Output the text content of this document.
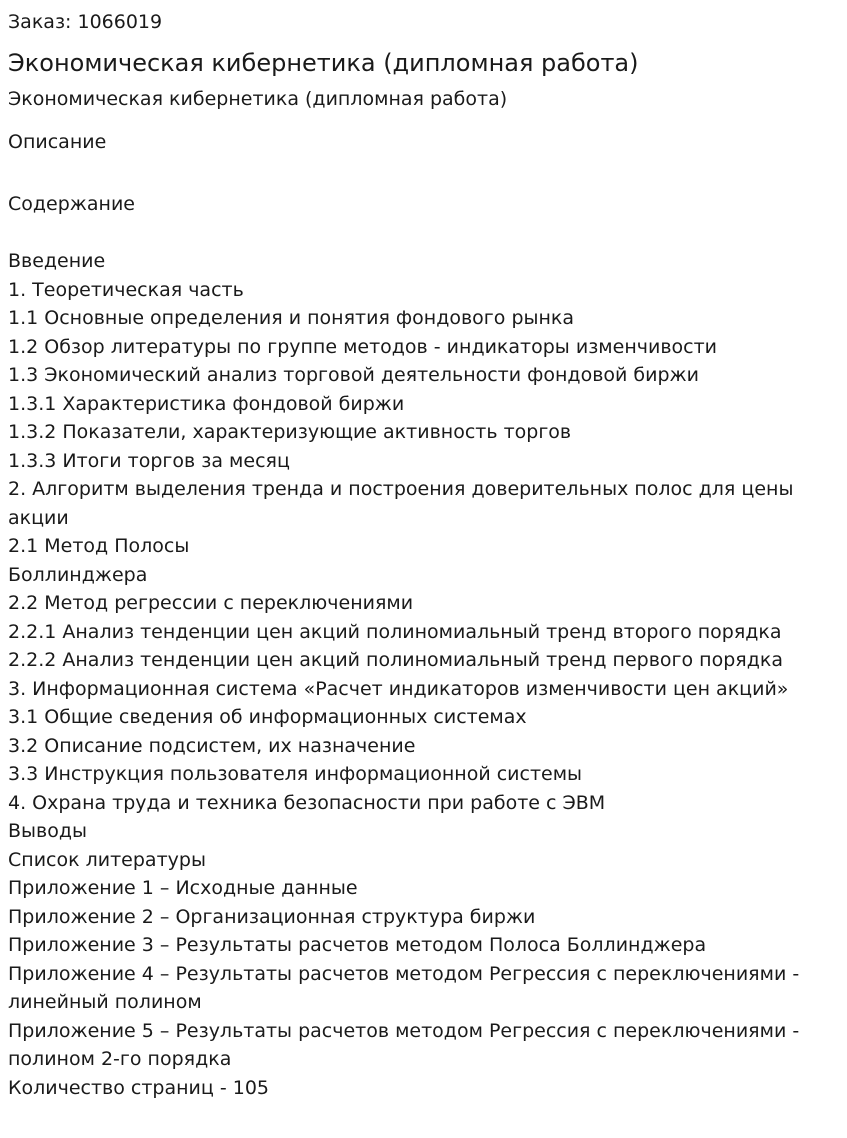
Заказ: 1066019
Экономическая кибернетика (дипломная работа)
Экономическая кибернетика (дипломная работа)
Описание
Содержание
Введение
1. Теоретическая часть
1.1 Основные определения и понятия фондового рынка
1.2 Обзор литературы по группе методов - индикаторы изменчивости
1.3 Экономический анализ торговой деятельности фондовой биржи
1.3.1 Характеристика фондовой биржи
1.3.2 Показатели, характеризующие активность торгов
1.3.3 Итоги торгов за месяц
2. Алгоритм выделения тренда и построения доверительных полос для цены акции
2.1 Метод Полосы
Боллинджера
2.2 Метод регрессии с переключениями
2.2.1 Анализ тенденции цен акций полиномиальный тренд второго порядка
2.2.2 Анализ тенденции цен акций полиномиальный тренд первого порядка
3. Информационная система «Расчет индикаторов изменчивости цен акций»
3.1 Общие сведения об информационных системах
3.2 Описание подсистем, их назначение
3.3 Инструкция пользователя информационной системы
4. Охрана труда и техника безопасности при работе с ЭВМ
Выводы
Список литературы
Приложение 1 – Исходные данные
Приложение 2 – Организационная структура биржи
Приложение 3 – Результаты расчетов методом Полоса Боллинджера
Приложение 4 – Результаты расчетов методом Регрессия с переключениями - линейный полином
Приложение 5 – Результаты расчетов методом Регрессия с переключениями - полином 2-го порядка
Количество страниц - 105
